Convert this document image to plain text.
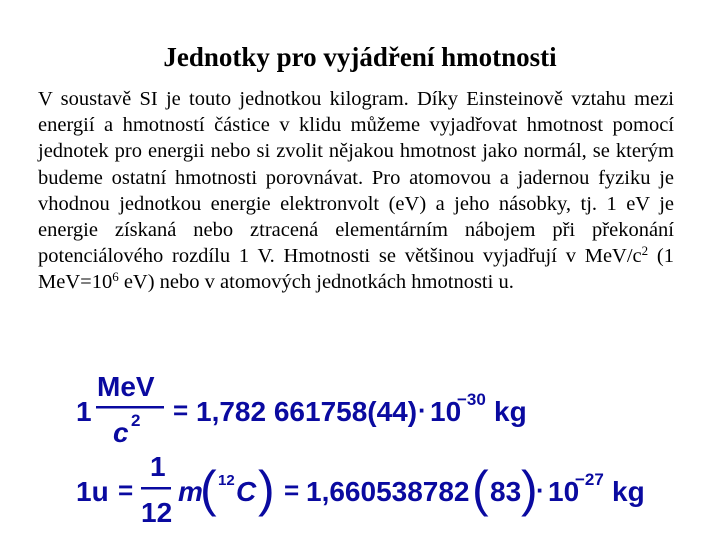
Jednotky pro vyjádření hmotnosti
V soustavě SI je touto jednotkou kilogram. Díky Einsteinově vztahu mezi energií a hmotností částice v klidu můžeme vyjadřovat hmotnost pomocí jednotek pro energii nebo si zvolit nějakou hmotnost jako normál, se kterým budeme ostatní hmotnosti porovnávat. Pro atomovou a jadernou fyziku je vhodnou jednotkou energie elektronvolt (eV) a jeho násobky, tj. 1 eV je energie získaná nebo ztracená elementárním nábojem při překonání potenciálového rozdílu 1 V. Hmotnosti se většinou vyjadřují v MeV/$c^2$ (1 $MeV=10^6$ eV) nebo v atomových jednotkách hmotnosti u.
1
MeV
c 2 = 1,782 661758(44) · 10
−30 kg
1u =
1
12
m
( 12 C ) = 1,660538782 ( 83 )
· 10
−27 kg
